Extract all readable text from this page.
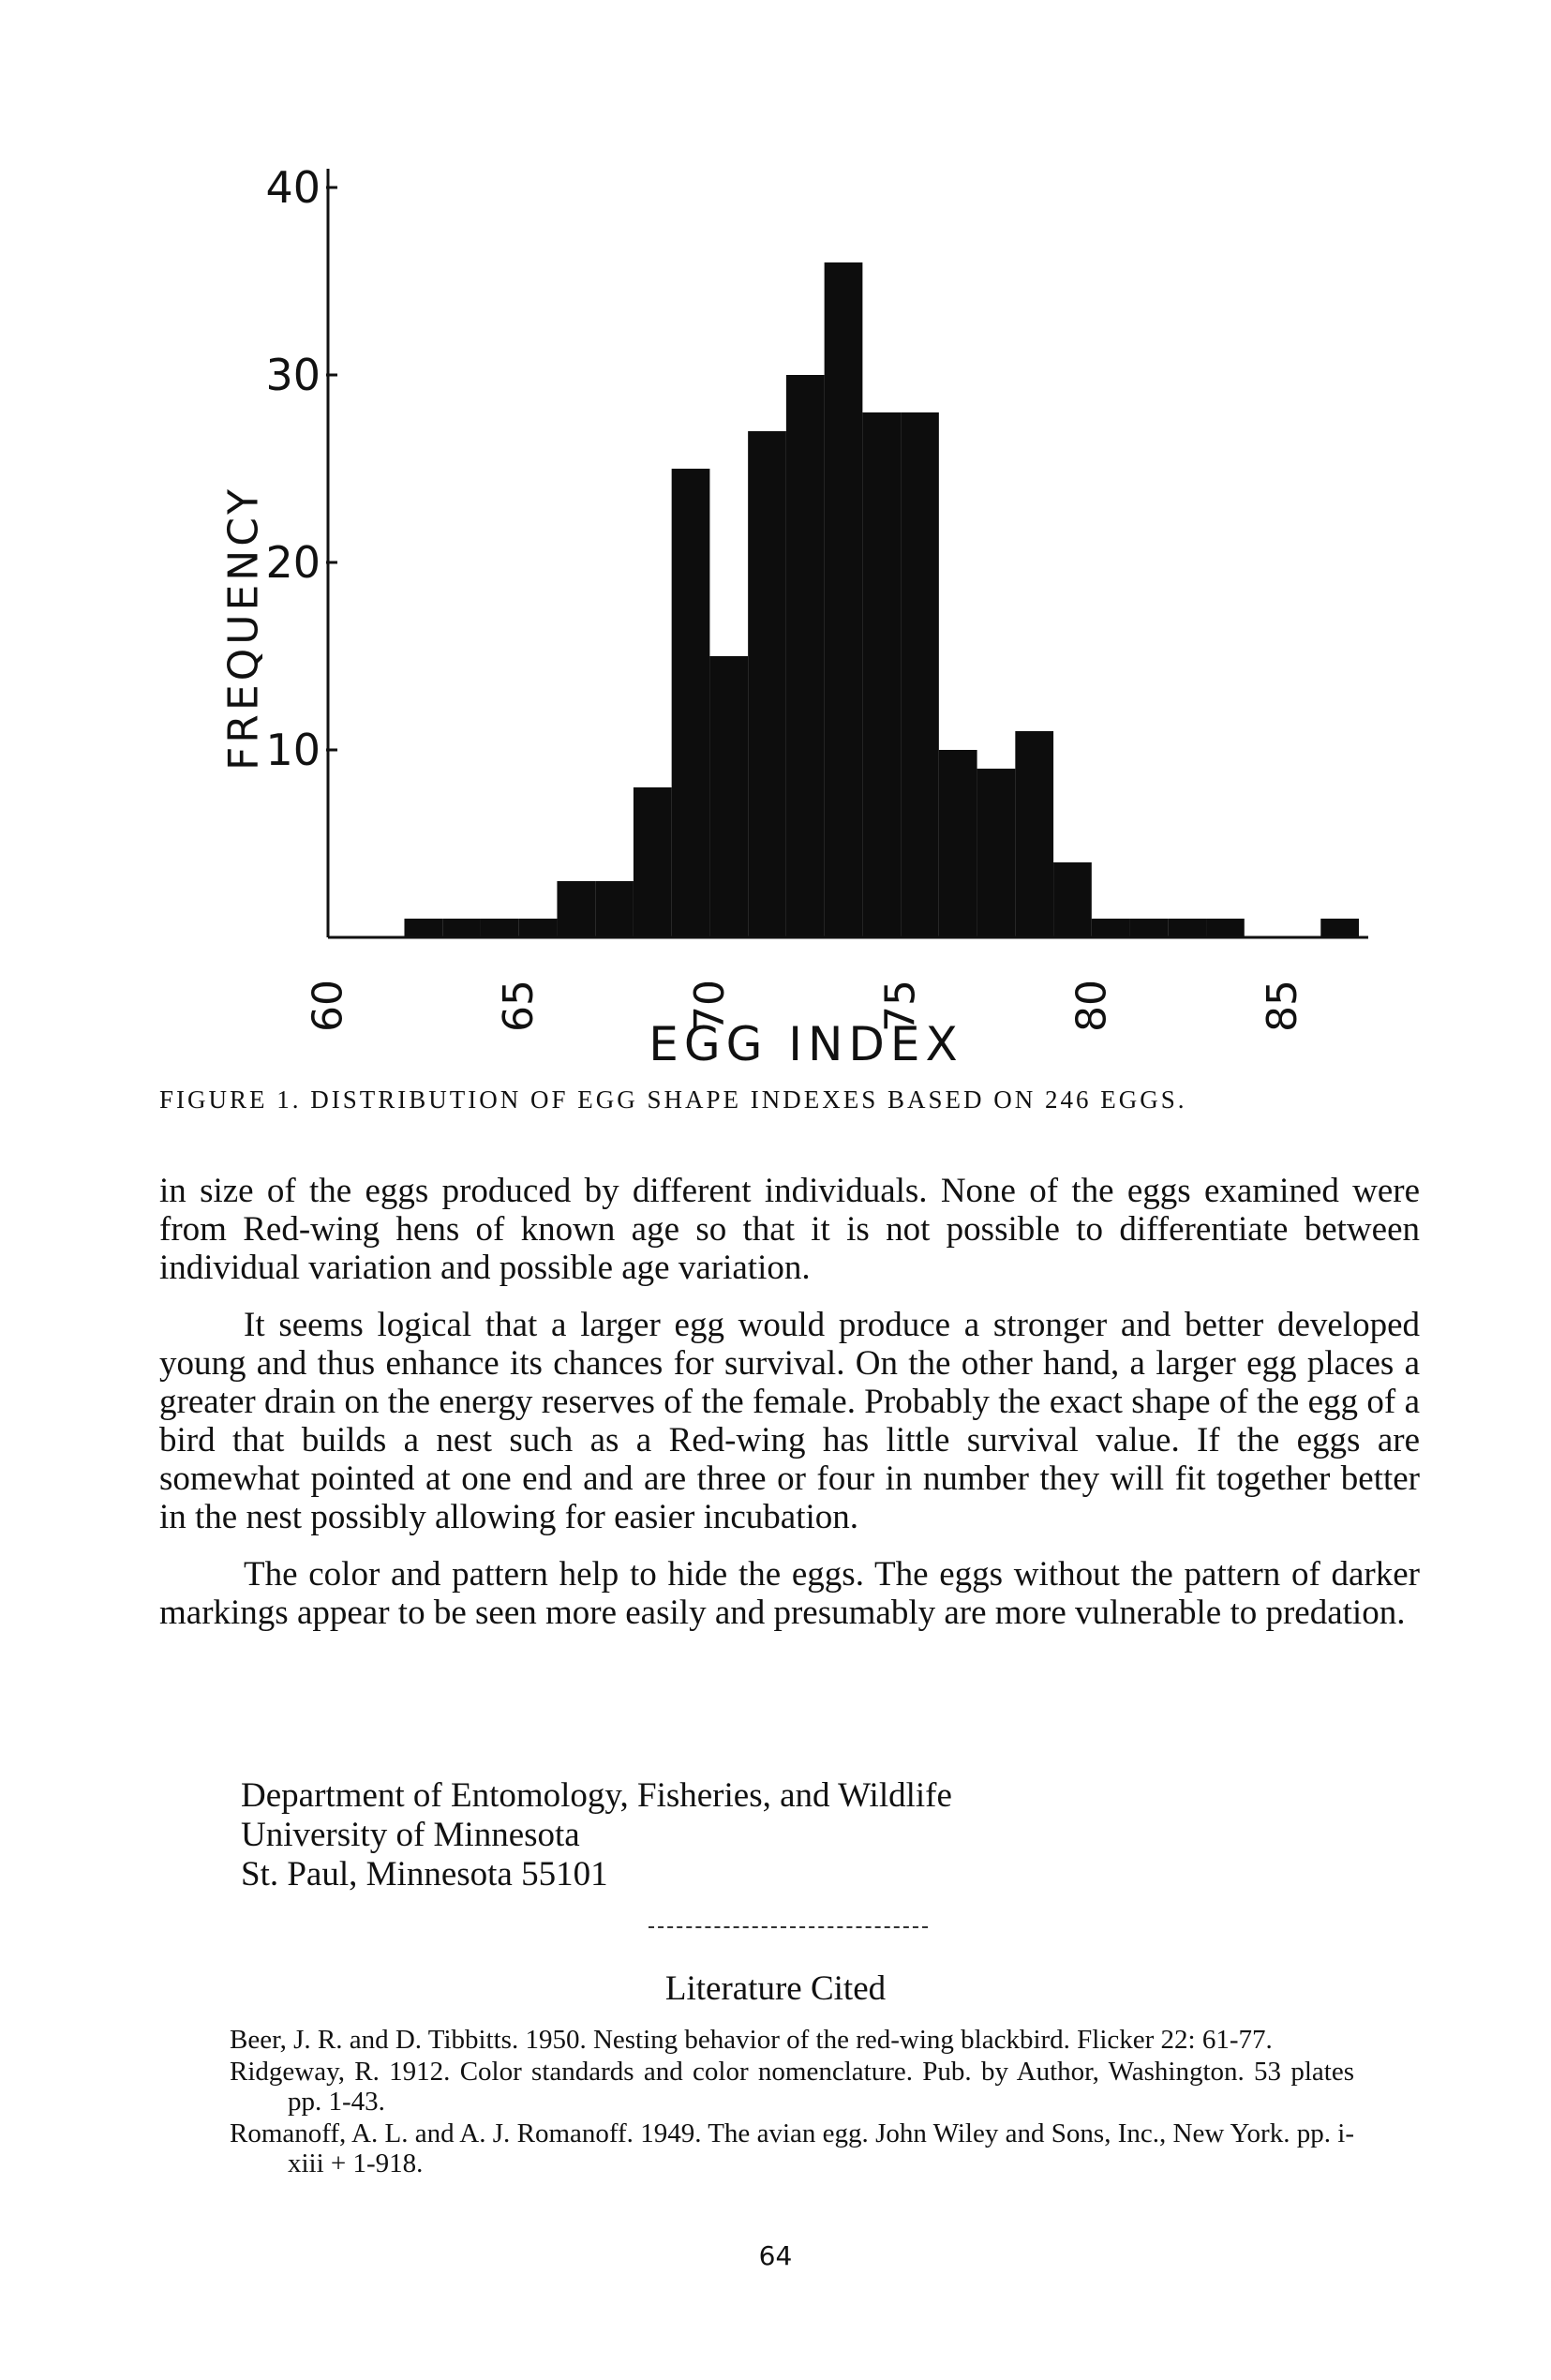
FREQUENCY
10
20
30
40
60	65	70	75	80	85
EGG INDEX
FIGURE 1. DISTRIBUTION OF EGG SHAPE INDEXES BASED ON 246 EGGS.

in size of the eggs produced by different individuals. None of the eggs examined were from Red-wing hens of known age so that it is not possible to differentiate between individual variation and possible age variation.

It seems logical that a larger egg would produce a stronger and better developed young and thus enhance its chances for survival. On the other hand, a larger egg places a greater drain on the energy reserves of the female. Probably the exact shape of the egg of a bird that builds a nest such as a Red-wing has little survival value. If the eggs are somewhat pointed at one end and are three or four in number they will fit together better in the nest possibly allowing for easier incubation.

The color and pattern help to hide the eggs. The eggs without the pattern of darker markings appear to be seen more easily and presumably are more vulnerable to predation.

Department of Entomology, Fisheries, and Wildlife
University of Minnesota
St. Paul, Minnesota 55101
Literature Cited
Beer, J. R. and D. Tibbitts. 1950. Nesting behavior of the red-wing blackbird. Flicker 22: 61-77.
Ridgeway, R. 1912. Color standards and color nomenclature. Pub. by Author, Washington. 53 plates pp. 1-43.
Romanoff, A. L. and A. J. Romanoff. 1949. The avian egg. John Wiley and Sons, Inc., New York. pp. i-xiii + 1-918.
64
